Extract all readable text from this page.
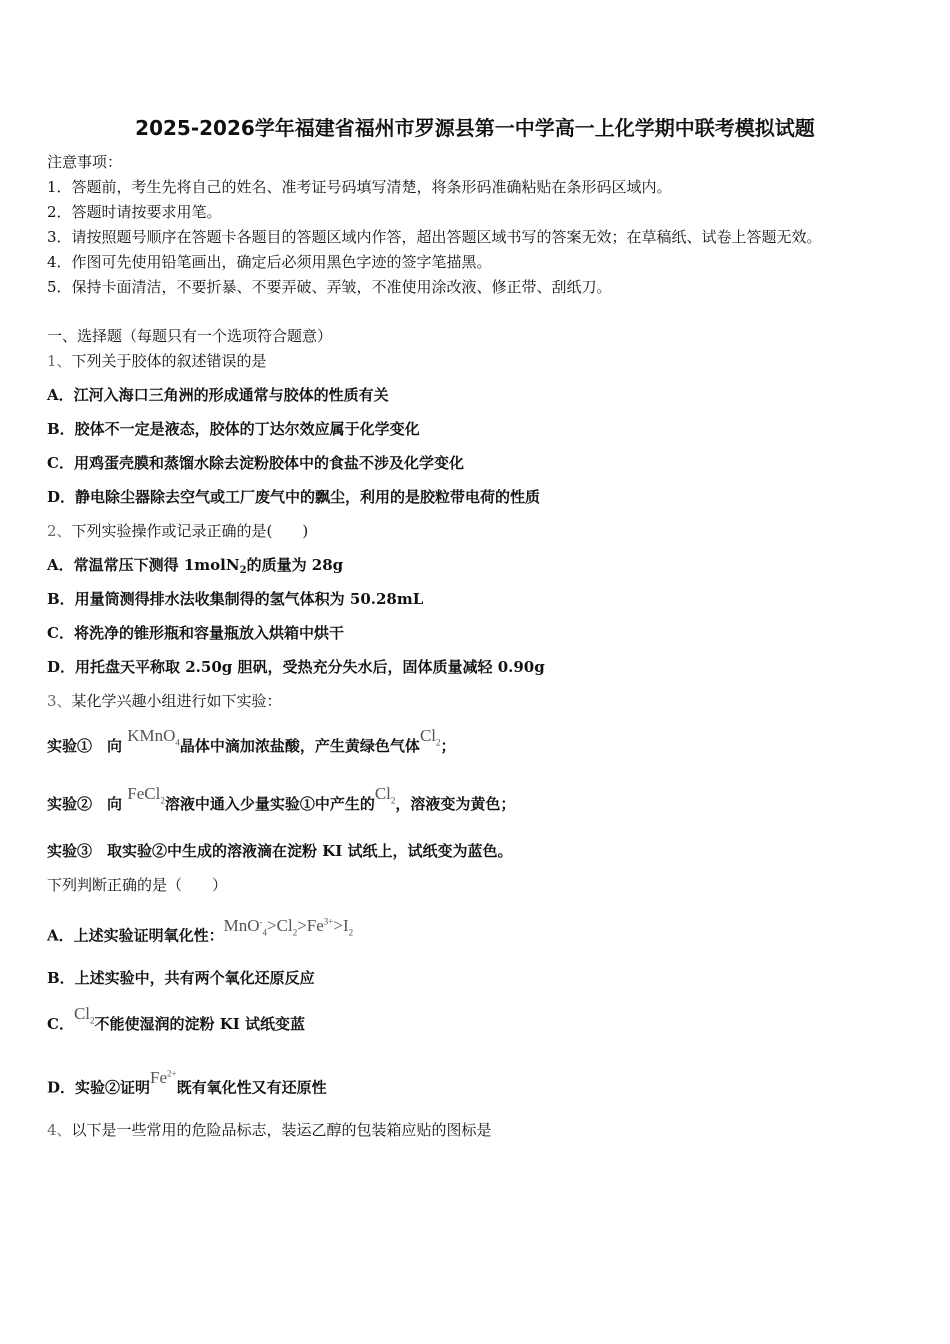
2025-2026学年福建省福州市罗源县第一中学高一上化学期中联考模拟试题
注意事项：
1．答题前，考生先将自己的姓名、准考证号码填写清楚，将条形码准确粘贴在条形码区域内。
2．答题时请按要求用笔。
3．请按照题号顺序在答题卡各题目的答题区域内作答，超出答题区域书写的答案无效；在草稿纸、试卷上答题无效。
4．作图可先使用铅笔画出，确定后必须用黑色字迹的签字笔描黑。
5．保持卡面清洁，不要折暴、不要弄破、弄皱，不准使用涂改液、修正带、刮纸刀。
一、选择题（每题只有一个选项符合题意）
1、下列关于胶体的叙述错误的是
A．江河入海口三角洲的形成通常与胶体的性质有关
B．胶体不一定是液态，胶体的丁达尔效应属于化学变化
C．用鸡蛋壳膜和蒸馏水除去淀粉胶体中的食盐不涉及化学变化
D．静电除尘器除去空气或工厂废气中的飘尘，利用的是胶粒带电荷的性质
2、下列实验操作或记录正确的是(　　)
A．常温常压下测得 1molN$_2$的质量为 28g
B．用量筒测得排水法收集制得的氢气体积为 50.28mL
C．将洗净的锥形瓶和容量瓶放入烘箱中烘干
D．用托盘天平称取 2.50g 胆矾，受热充分失水后，固体质量减轻 0.90g
3、某化学兴趣小组进行如下实验：
实验①　向 KMnO$_4$晶体中滴加浓盐酸，产生黄绿色气体$Cl_2$；
实验②　向 FeCl$_2$溶液中通入少量实验①中产生的$Cl_2$，溶液变为黄色；
实验③　取实验②中生成的溶液滴在淀粉 KI 试纸上，试纸变为蓝色。
下列判断正确的是（　　）
A．上述实验证明氧化性：$MnO^-_4>Cl_2>Fe^{3+}>I_2$
B．上述实验中，共有两个氧化还原反应
C．$Cl_2$不能使湿润的淀粉 KI 试纸变蓝
D．实验②证明$Fe^{2+}$既有氧化性又有还原性
4、以下是一些常用的危险品标志，装运乙醇的包装箱应贴的图标是
